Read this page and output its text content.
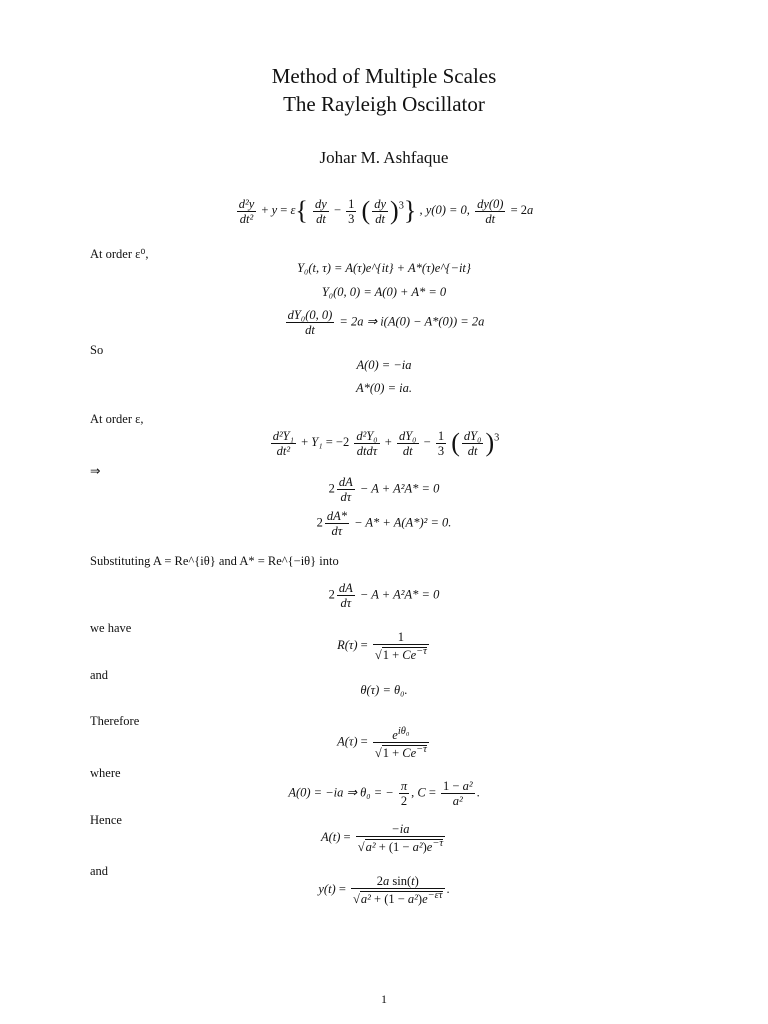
Method of Multiple Scales
The Rayleigh Oscillator
Johar M. Ashfaque
$\frac{\text{d²y}}{\text{dt²}} + y = \varepsilon\{ \frac{dy}{dt} - \frac{1}{3}$ ( $\frac{dy}{dt} )^3$} , y(0) = 0, $\frac{dy(0)}{dt} = 2a$
At order ε⁰,
Y₀(t, τ) = A(τ)e^{it} + A*(τ)e^{−it}
Y₀(0, 0) = A(0) + A* = 0
$\frac{\text{dY₀(0, 0)}}{dt} = 2a$ ⇒ i(A(0) − A*(0)) = 2a
So
A(0) = −ia
A*(0) = ia.
At order ε,
$\frac{\text{d²Y₁}}{\text{dt²}} + Y_1 = -2 \frac{\text{d²Y₀}}{\text{dtdτ}} + \frac{\text{dY₀}}{dt} - \frac{1}{3}$ ( $\frac{\text{dY₀}}{dt} )^3$
⇒
$2 \frac{dA}{d\tau} - A + A^2A* = 0$
$2 \frac{dA*}{d\tau} - A* + A(A*)^2 = 0$.
Substituting A = Re^{iθ} and A* = Re^{−iθ} into
$2 \frac{dA}{d\tau} - A + A^2A* = 0$
we have
$R(\tau) = \frac{1}{√1 + Ce^{-\tau}}$
and
θ(τ) = θ₀.
Therefore
$A(\tau) = \frac{e^{i\theta_0}}{√1 + Ce^{-\tau}}$
where
A(0) = −ia ⇒ θ₀ = − $\frac{\pi}{2}$ , $C = \frac{\text{1 − a²}}{\text{a²}}$ .
Hence
$A(t) = \frac{-ia}{√a^2 + (1 - a^2)e^{-\tau}}$
and
$y(t) = \frac{\text{2a sin(t)}}{√a^2 + (1 - a^2)e^{-\varepsilon\tau}}$ .
1
